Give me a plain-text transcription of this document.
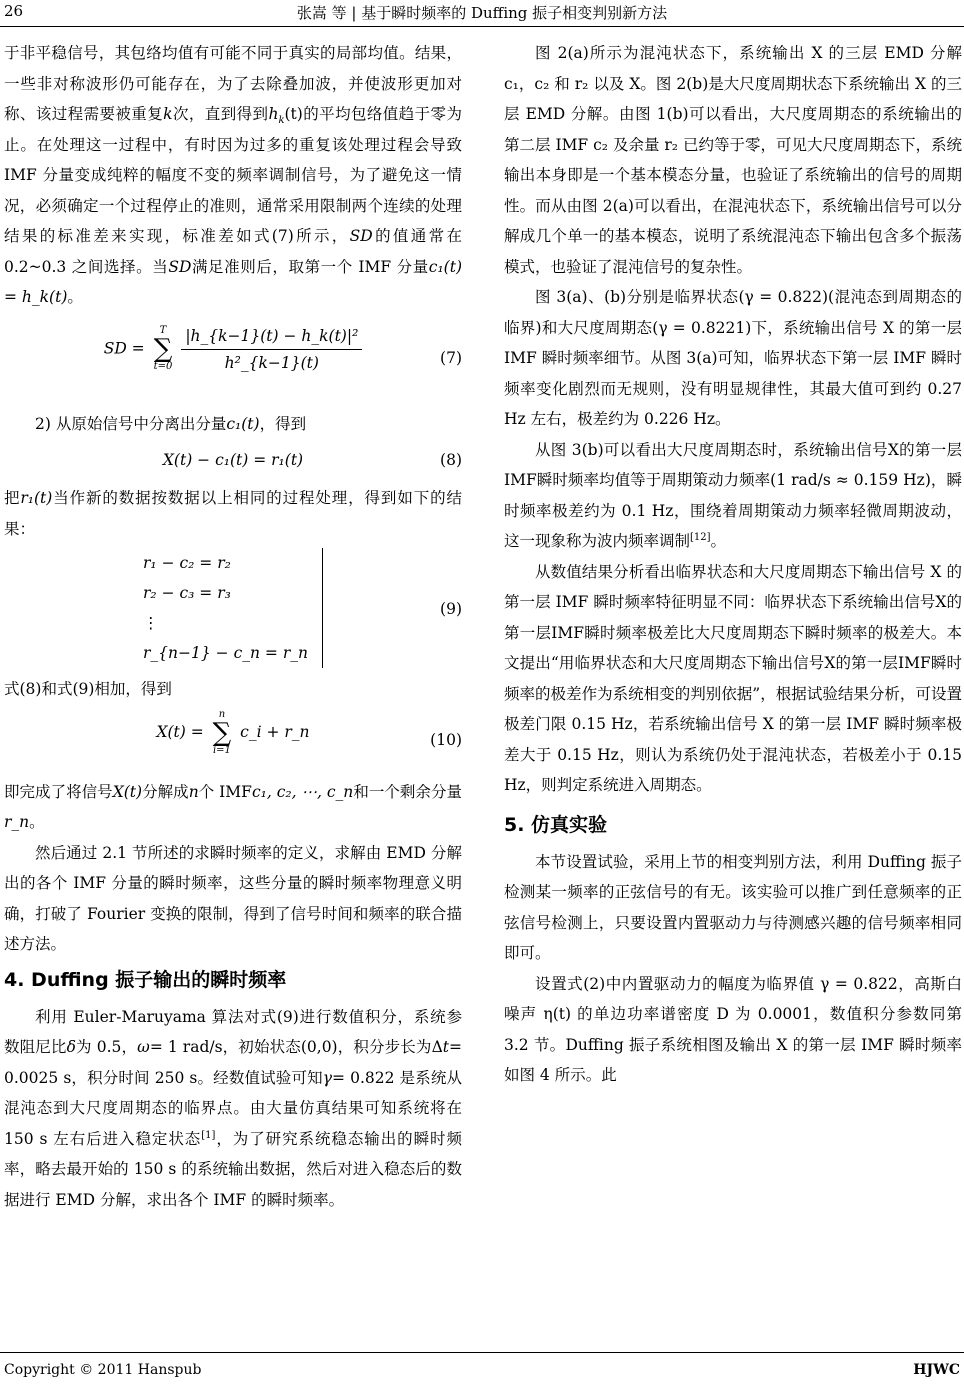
26	张嵩 等 | 基于瞬时频率的 Duffing 振子相变判别新方法

于非平稳信号，其包络均值有可能不同于真实的局部均值。结果，一些非对称波形仍可能存在，为了去除叠加波，并使波形更加对称、该过程需要被重复k次，直到得到$h_k(t)$的平均包络值趋于零为止。在处理这一过程中，有时因为过多的重复该处理过程会导致 IMF 分量变成纯粹的幅度不变的频率调制信号，为了避免这一情况，必须确定一个过程停止的准则，通常采用限制两个连续的处理结果的标准差来实现，标准差如式(7)所示，SD的值通常在 0.2~0.3 之间选择。当SD满足准则后，取第一个 IMF 分量c₁(t) = h_k(t)。

SD =
T
∑
t=0
$\frac{\text{|h\_\{k−1\}(t) − h\_k(t)|²}}{\text{h²\_\{k−1\}(t)}}$	(7)

2) 从原始信号中分离出分量c₁(t)，得到

X(t) − c₁(t) = r₁(t)	(8)

把r₁(t)当作新的数据按数据以上相同的过程处理，得到如下的结果：

r₁ − c₂ = r₂
r₂ − c₃ = r₃
⋮
r_{n−1} − c_n = r_n
(9)

式(8)和式(9)相加，得到

X(t) =
n
∑
i=1
c_i + r_n	(10)

即完成了将信号X(t)分解成n个 IMFc₁, c₂, ⋯, c_n和一个剩余分量r_n。

然后通过 2.1 节所述的求瞬时频率的定义，求解由 EMD 分解出的各个 IMF 分量的瞬时频率，这些分量的瞬时频率物理意义明确，打破了 Fourier 变换的限制，得到了信号时间和频率的联合描述方法。

4. Duffing 振子输出的瞬时频率

利用 Euler-Maruyama 算法对式(9)进行数值积分，系统参数阻尼比δ为 0.5，ω= 1 rad/s，初始状态(0,0)，积分步长为Δt= 0.0025 s，积分时间 250 s。经数值试验可知γ= 0.822 是系统从混沌态到大尺度周期态的临界点。由大量仿真结果可知系统将在 150 s 左右后进入稳定状态[1]，为了研究系统稳态输出的瞬时频率，略去最开始的 150 s 的系统输出数据，然后对进入稳态后的数据进行 EMD 分解，求出各个 IMF 的瞬时频率。

图 2(a)所示为混沌状态下，系统输出 X 的三层 EMD 分解 c₁，c₂ 和 r₂ 以及 X。图 2(b)是大尺度周期状态下系统输出 X 的三层 EMD 分解。由图 1(b)可以看出，大尺度周期态的系统输出的第二层 IMF c₂ 及余量 r₂ 已约等于零，可见大尺度周期态下，系统输出本身即是一个基本模态分量，也验证了系统输出的信号的周期性。而从由图 2(a)可以看出，在混沌状态下，系统输出信号可以分解成几个单一的基本模态，说明了系统混沌态下输出包含多个振荡模式，也验证了混沌信号的复杂性。

图 3(a)、(b)分别是临界状态(γ = 0.822)(混沌态到周期态的临界)和大尺度周期态(γ = 0.8221)下，系统输出信号 X 的第一层 IMF 瞬时频率细节。从图 3(a)可知，临界状态下第一层 IMF 瞬时频率变化剧烈而无规则，没有明显规律性，其最大值可到约 0.27 Hz 左右，极差约为 0.226 Hz。

从图 3(b)可以看出大尺度周期态时，系统输出信号X的第一层IMF瞬时频率均值等于周期策动力频率(1 rad/s ≈ 0.159 Hz)，瞬时频率极差约为 0.1 Hz，围绕着周期策动力频率轻微周期波动，这一现象称为波内频率调制[12]。

从数值结果分析看出临界状态和大尺度周期态下输出信号 X 的第一层 IMF 瞬时频率特征明显不同：临界状态下系统输出信号X的第一层IMF瞬时频率极差比大尺度周期态下瞬时频率的极差大。本文提出“用临界状态和大尺度周期态下输出信号X的第一层IMF瞬时频率的极差作为系统相变的判别依据”，根据试验结果分析，可设置极差门限 0.15 Hz，若系统输出信号 X 的第一层 IMF 瞬时频率极差大于 0.15 Hz，则认为系统仍处于混沌状态，若极差小于 0.15 Hz，则判定系统进入周期态。

5. 仿真实验

本节设置试验，采用上节的相变判别方法，利用 Duffing 振子检测某一频率的正弦信号的有无。该实验可以推广到任意频率的正弦信号检测上，只要设置内置驱动力与待测感兴趣的信号频率相同即可。

设置式(2)中内置驱动力的幅度为临界值 γ = 0.822，高斯白噪声 η(t) 的单边功率谱密度 D 为 0.0001，数值积分参数同第 3.2 节。Duffing 振子系统相图及输出 X 的第一层 IMF 瞬时频率如图 4 所示。此

Copyright © 2011 Hanspub	HJWC
